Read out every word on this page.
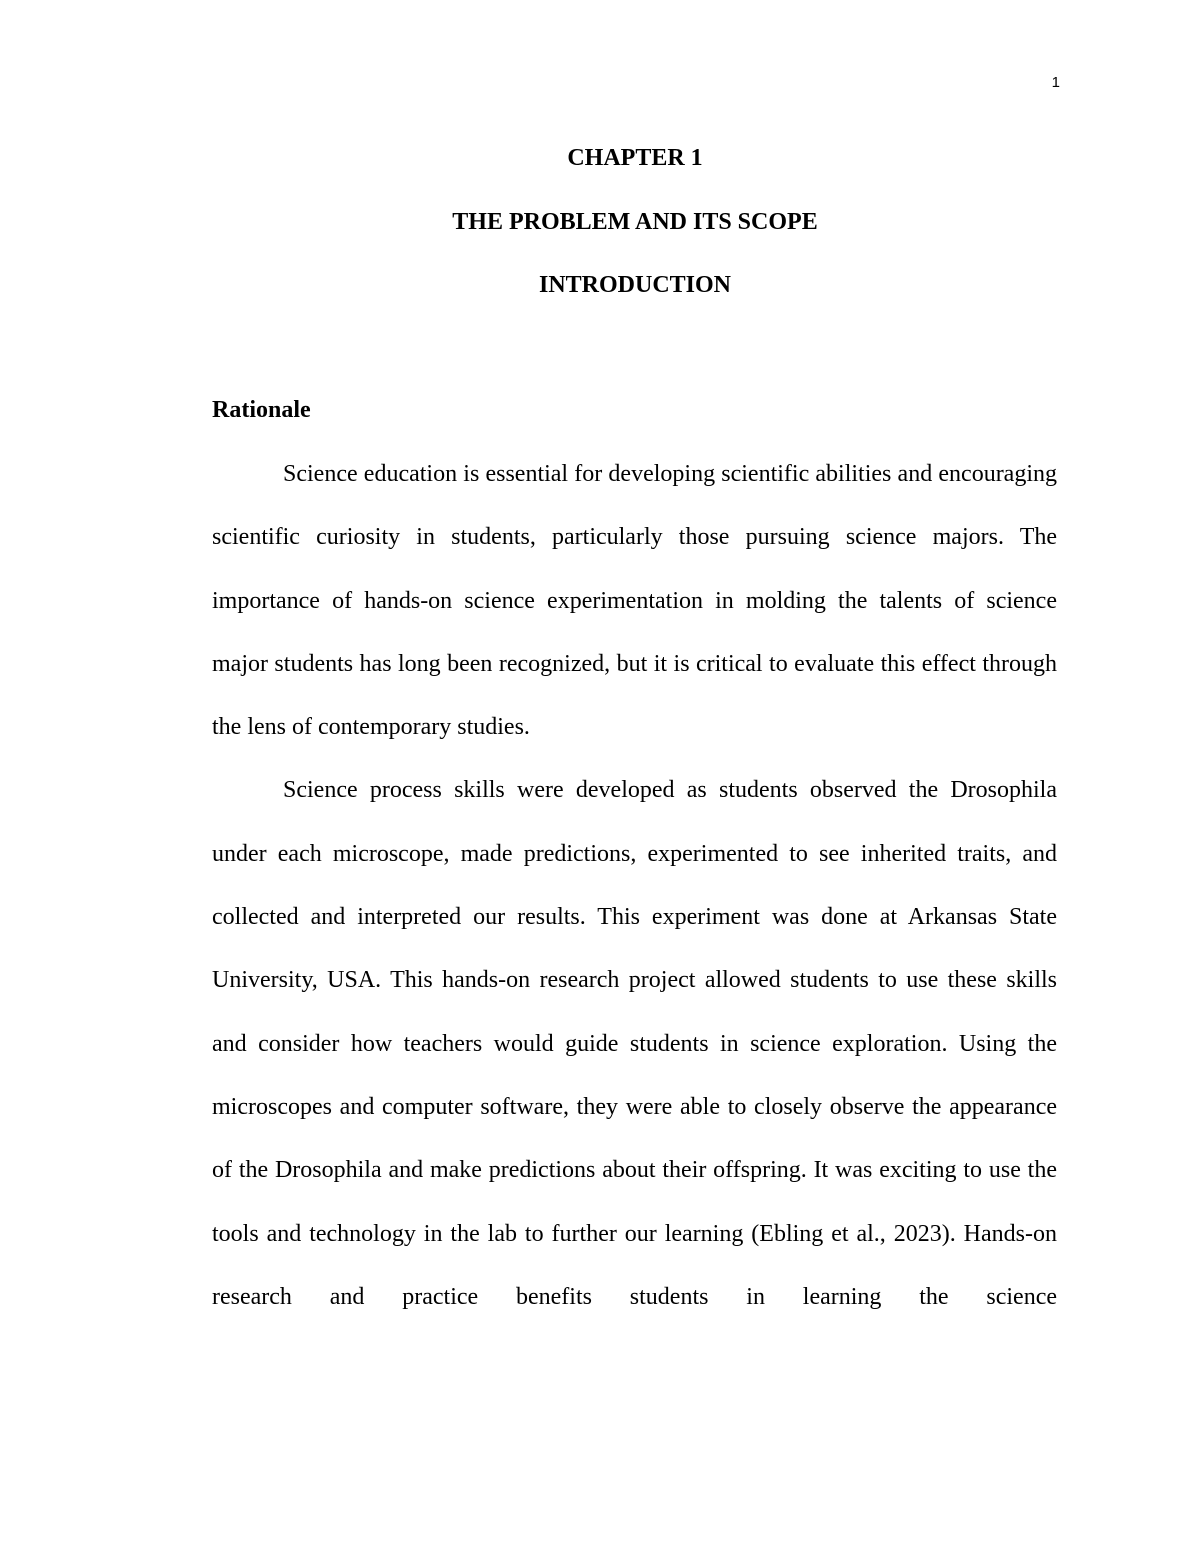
1
CHAPTER 1
THE PROBLEM AND ITS SCOPE
INTRODUCTION
Rationale

Science education is essential for developing scientific abilities and encouraging scientific curiosity in students, particularly those pursuing science majors. The importance of hands-on science experimentation in molding the talents of science major students has long been recognized, but it is critical to evaluate this effect through the lens of contemporary studies.

Science process skills were developed as students observed the Drosophila under each microscope, made predictions, experimented to see inherited traits, and collected and interpreted our results. This experiment was done at Arkansas State University, USA. This hands-on research project allowed students to use these skills and consider how teachers would guide students in science exploration. Using the microscopes and computer software, they were able to closely observe the appearance of the Drosophila and make predictions about their offspring. It was exciting to use the tools and technology in the lab to further our learning (Ebling et al., 2023). Hands-on research and practice benefits students in learning the science
